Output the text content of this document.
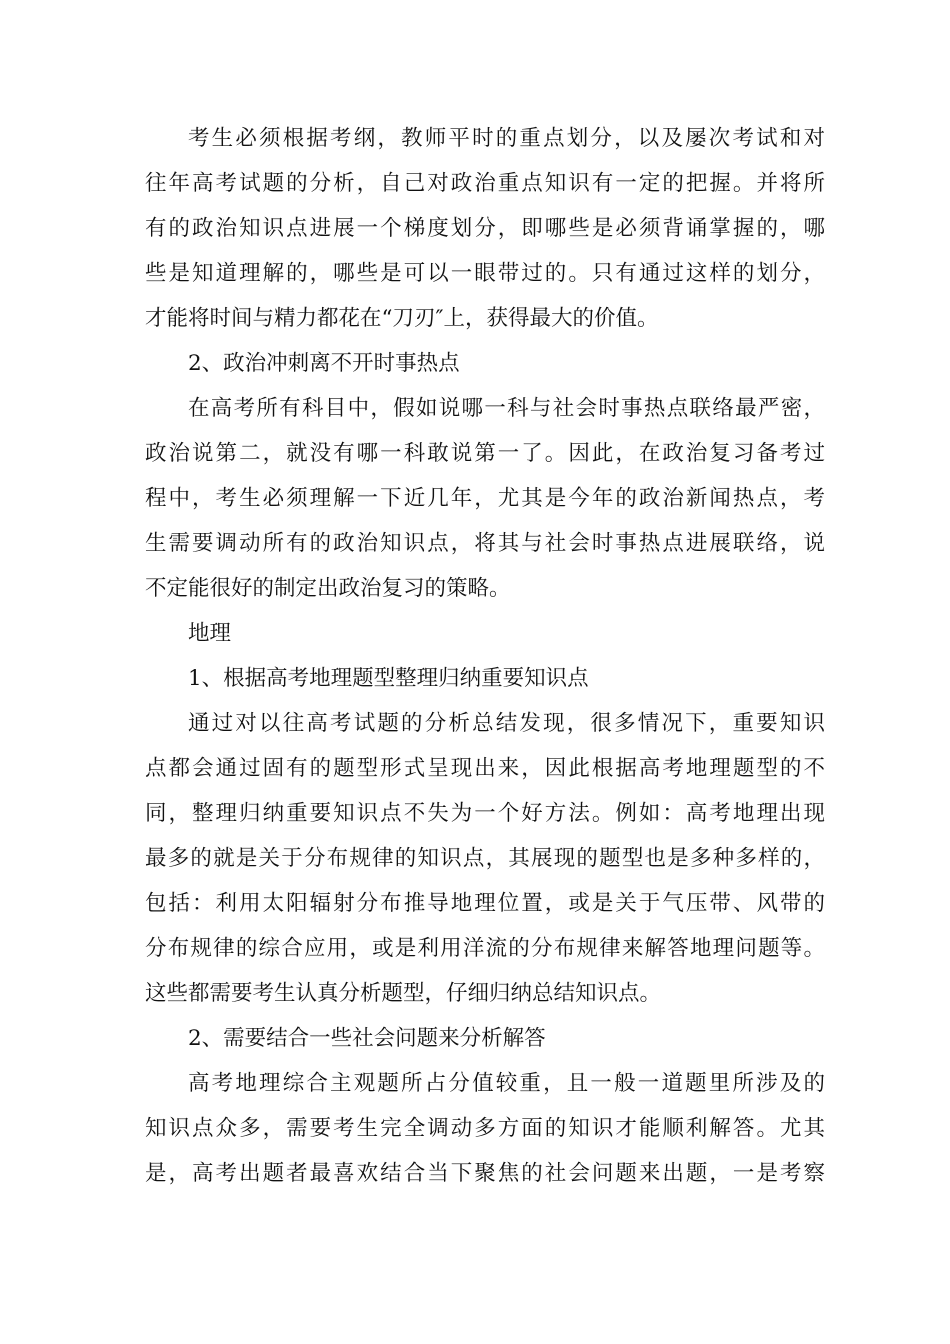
考生必须根据考纲，教师平时的重点划分，以及屡次考试和对
往年高考试题的分析，自己对政治重点知识有一定的把握。并将所
有的政治知识点进展一个梯度划分，即哪些是必须背诵掌握的，哪
些是知道理解的，哪些是可以一眼带过的。只有通过这样的划分，
才能将时间与精力都花在“刀刃″上，获得最大的价值。
2、政治冲刺离不开时事热点
在高考所有科目中，假如说哪一科与社会时事热点联络最严密，
政治说第二，就没有哪一科敢说第一了。因此，在政治复习备考过
程中，考生必须理解一下近几年，尤其是今年的政治新闻热点，考
生需要调动所有的政治知识点，将其与社会时事热点进展联络，说
不定能很好的制定出政治复习的策略。
地理
1、根据高考地理题型整理归纳重要知识点
通过对以往高考试题的分析总结发现，很多情况下，重要知识
点都会通过固有的题型形式呈现出来，因此根据高考地理题型的不
同，整理归纳重要知识点不失为一个好方法。例如：高考地理出现
最多的就是关于分布规律的知识点，其展现的题型也是多种多样的，
包括：利用太阳辐射分布推导地理位置，或是关于气压带、风带的
分布规律的综合应用，或是利用洋流的分布规律来解答地理问题等。
这些都需要考生认真分析题型，仔细归纳总结知识点。
2、需要结合一些社会问题来分析解答
高考地理综合主观题所占分值较重，且一般一道题里所涉及的
知识点众多，需要考生完全调动多方面的知识才能顺利解答。尤其
是，高考出题者最喜欢结合当下聚焦的社会问题来出题，一是考察
